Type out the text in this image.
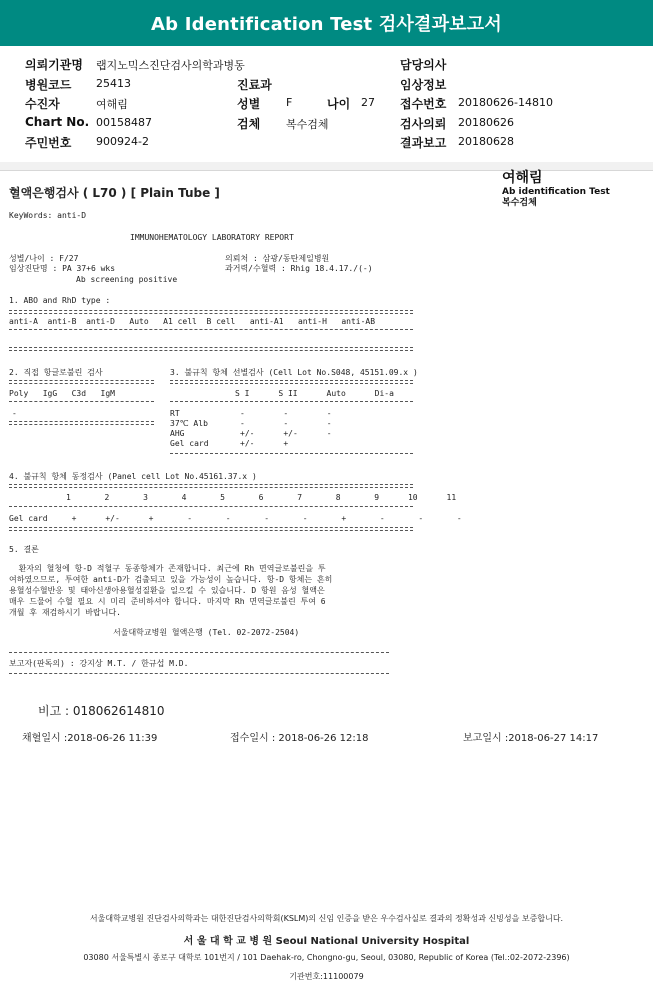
Ab Identification Test 검사결과보고서
의뢰기관명 랩지노믹스진단검사의학과병동	담당의사
병원코드 25413	진료과	임상정보
수진자	여해림	성별 F	나이 27 접수번호 20180626-14810
Chart No. 00158487	검체 복수검체	검사의뢰 20180626
주민번호 900924-2	결과보고 20180628
여해림
Ab identification Test
복수검체
혈액은행검사 ( L70 ) [ Plain Tube ]
KeyWords: anti-D
IMMUNOHEMATOLOGY LABORATORY REPORT
성별/나이 : F/27
임상진단명 : PA 37+6 wks
Ab screening positive
의뢰처 : 삼광/동탄제일병원
과거력/수혈력 : Rhig 18.4.17./(-)
1. ABO and RhD type :
anti-A  anti-B  anti-D   Auto   A1 cell  B cell   anti-A1   anti-H   anti-AB
2. 직접 항글로불린 검사
Poly   IgG   C3d   IgM
-
3. 불규칙 항체 선별검사 (Cell Lot No.S048, 45151.09.x )
S I      S II      Auto      Di-a
RT	-        -        -
37℃ Alb	-        -        -
AHG	+/-      +/-      -
Gel card	+/-      +
4. 불규칙 항체 동정검사 (Panel cell Lot No.45161.37.x )
1       2       3       4       5       6       7       8       9      10      11
Gel card     +      +/-      +       -       -       -       -       +       -       -       -
5. 결론
환자의 혈청에 항-D 적혈구 동종항체가 존재합니다. 최근에 Rh 면역글로불린을 투
여하였으므로, 투여한 anti-D가 검출되고 있을 가능성이 높습니다. 항-D 항체는 흔히
용혈성수혈반응 및 태아신생아용혈성질환을 일으킬 수 있습니다. D 항원 음성 혈액은
매우 드물어 수혈 필요 시 미리 준비하셔야 합니다. 마지막 Rh 면역글로불린 투여 6
개월 후 재검하시기 바랍니다.
서울대학교병원 혈액은행 (Tel. 02-2072-2504)
보고자(판독의) : 강지상 M.T. / 한규섭 M.D.
비고 : 018062614810
채혈일시 :2018-06-26 11:39	접수일시 : 2018-06-26 12:18	보고일시 :2018-06-27 14:17
서울대학교병원 진단검사의학과는 대한진단검사의학회(KSLM)의 신임 인증을 받은 우수검사실로 결과의 정확성과 신빙성을 보증합니다.
서 울 대 학 교 병 원 Seoul National University Hospital
03080 서울특별시 종로구 대학로 101번지 / 101 Daehak-ro, Chongno-gu, Seoul, 03080, Republic of Korea (Tel.:02-2072-2396)
기관번호:11100079
